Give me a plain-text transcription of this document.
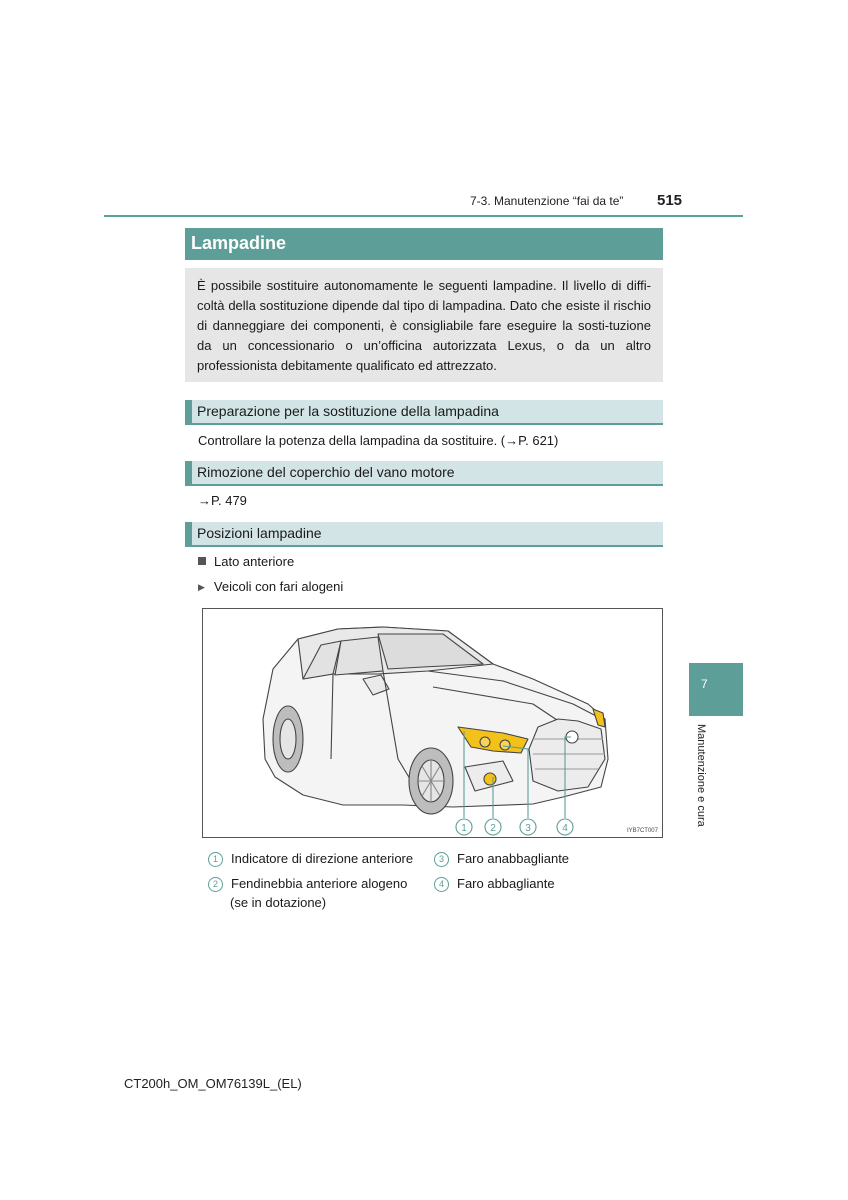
7-3. Manutenzione “fai da te” 515
Lampadine

È possibile sostituire autonomamente le seguenti lampadine. Il livello di diffi-coltà della sostituzione dipende dal tipo di lampadina. Dato che esiste il rischio di danneggiare dei componenti, è consigliabile fare eseguire la sosti-tuzione da un concessionario o un’officina autorizzata Lexus, o da un altro professionista debitamente qualificato ed attrezzato.

Preparazione per la sostituzione della lampadina
Controllare la potenza della lampadina da sostituire. (→P. 621)
Rimozione del coperchio del vano motore
→P. 479
Posizioni lampadine
Lato anteriore
▶ Veicoli con fari alogeni
1 2	3	4	IYB7CT007
1 Indicatore di direzione anteriore
2 Fendinebbia anteriore alogeno
(se in dotazione)
3 Faro anabbagliante
4 Faro abbagliante
7
Manutenzione e cura
CT200h_OM_OM76139L_(EL)
